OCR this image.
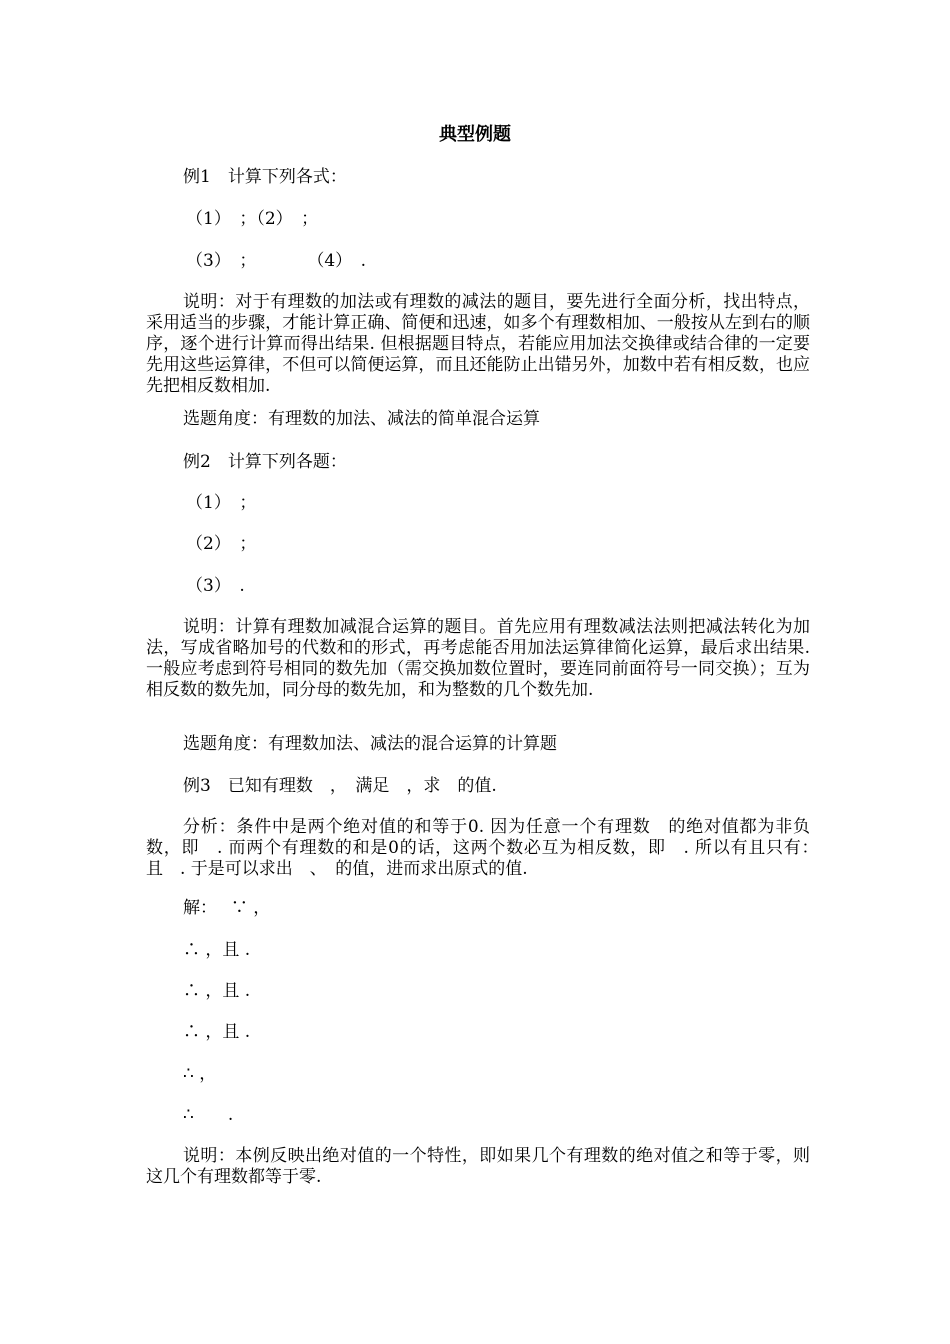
典型例题
例1　计算下列各式：
（1）　；（2）　；
（3）　；　　　　（4）　.
说明：对于有理数的加法或有理数的减法的题目，要先进行全面分析，找出特点，采用适当的步骤，才能计算正确、简便和迅速，如多个有理数相加、一般按从左到右的顺序，逐个进行计算而得出结果. 但根据题目特点，若能应用加法交换律或结合律的一定要先用这些运算律，不但可以简便运算，而且还能防止出错另外，加数中若有相反数，也应先把相反数相加.
选题角度：有理数的加法、减法的简单混合运算
例2　计算下列各题：
（1）　；
（2）　；
（3）　.
说明：计算有理数加减混合运算的题目。首先应用有理数减法法则把减法转化为加法，写成省略加号的代数和的形式，再考虑能否用加法运算律简化运算，最后求出结果. 一般应考虑到符号相同的数先加（需交换加数位置时，要连同前面符号一同交换）；互为相反数的数先加，同分母的数先加，和为整数的几个数先加.
选题角度：有理数加法、减法的混合运算的计算题
例3　已知有理数　，　满足　，求　的值.
分析：条件中是两个绝对值的和等于0. 因为任意一个有理数　的绝对值都为非负数，即　. 而两个有理数的和是0的话，这两个数必互为相反数，即　. 所以有且只有：　且　. 于是可以求出　、　的值，进而求出原式的值.
解：　 ∵ ，
∴ ，且 .
∴ ，且 .
∴ ，且 .
∴ ，
∴　　.
说明：本例反映出绝对值的一个特性，即如果几个有理数的绝对值之和等于零，则这几个有理数都等于零.
